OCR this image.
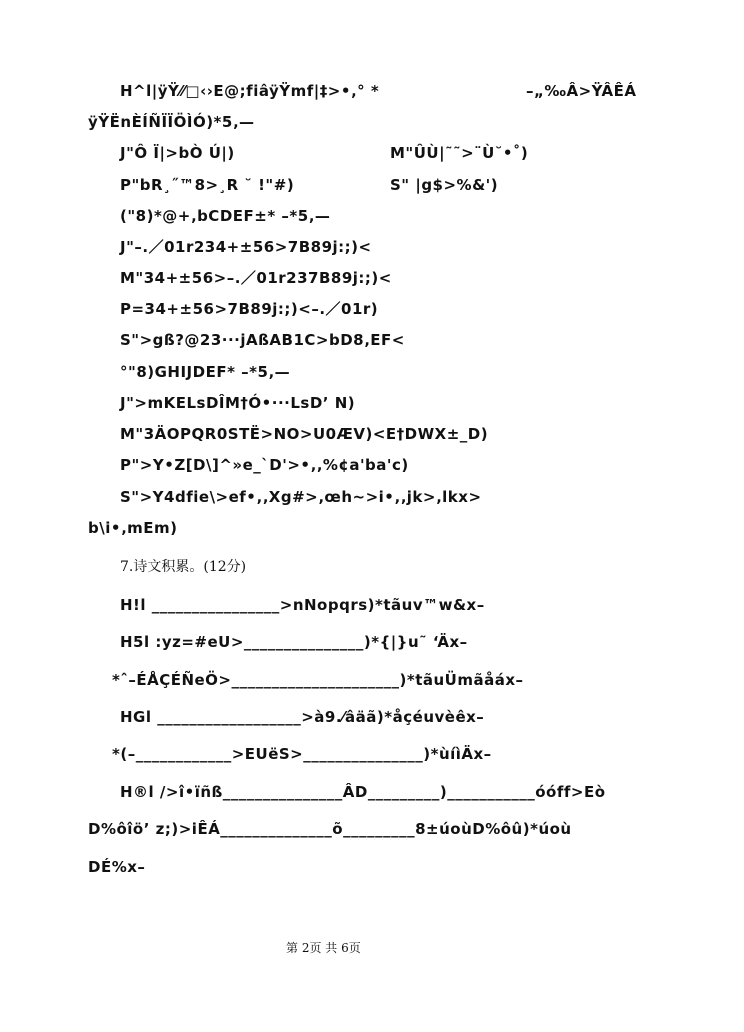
H^l|ÿŸ⁄⁄□‹›E@;fiâÿŸmf|‡>•‚° *	–„‰Â>ŸÂÊÁ
ÿŸËnÈÍÑÏÏÖÌÓ)*5‚—
J"Ô Ï|>bÒ Ú|)	M"ÛÙ|˜˜>¨Ù˘•˚)
P"bR¸˝™8>¸R ˘ !"#)	S" |g$>%&')
("8)*@+‚bCDEF±* –*5‚—
J"–.／01r234+±56>7B89j:;)<
M"34+±56>–.／01r237B89j:;)<
P=34+±56>7B89j:;)<–.／01r)
S">gß?@23···jAßAB1C>bD8‚EF<
°"8)GHIJDEF* –*5‚—
J">mKELsDÎM†Ó•···LsD’ N)
M"3ÄOPQR0STË>NO>U0ÆV)<E†DWX±_D)
P">Y•Z[D\]^»e_`D'>•‚‚%¢a'ba'c)
S">Y4dfie\>ef•‚‚Xg#>‚œh~>i•‚‚jk>‚lkx>
b\i•‚mEm)
7.诗文积累。(12分)
H!l ________________>nNopqrs)*tãuv™w&x–
H5l :yz=#eU>_______________)*{|}u˜ ‘Äx–
*ˆ–ÉÅÇÉÑeÖ>_____________________)*tãuÜmãåáx–
HGl __________________>à9.⁄âäã)*åçéuvèêx–
*(–____________>EUëS>_______________)*ùíìÄx–
H®l />î•ïñß_______________ÂD_________)___________óóff>Eò
D%ôîö’ z;)>iÊÁ______________õ_________8±úoùD%ôû)*úoù
DÉ%x–
第 2页 共 6页
